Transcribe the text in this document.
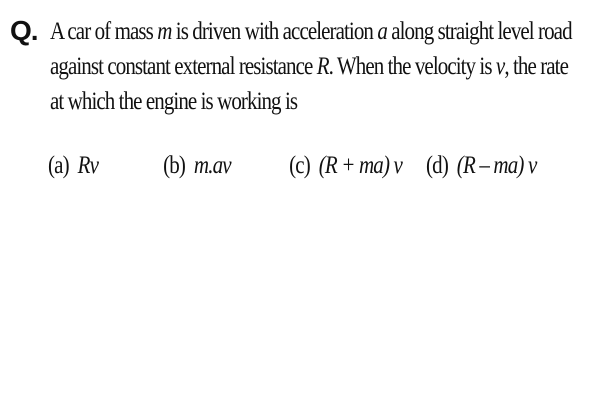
Q. A car of mass m is driven with acceleration a along straight level road
against constant external resistance R. When the velocity is v, the rate
at which the engine is working is
(a) Rv	(b) m.av (c) (R + ma) v (d) (R – ma) v
